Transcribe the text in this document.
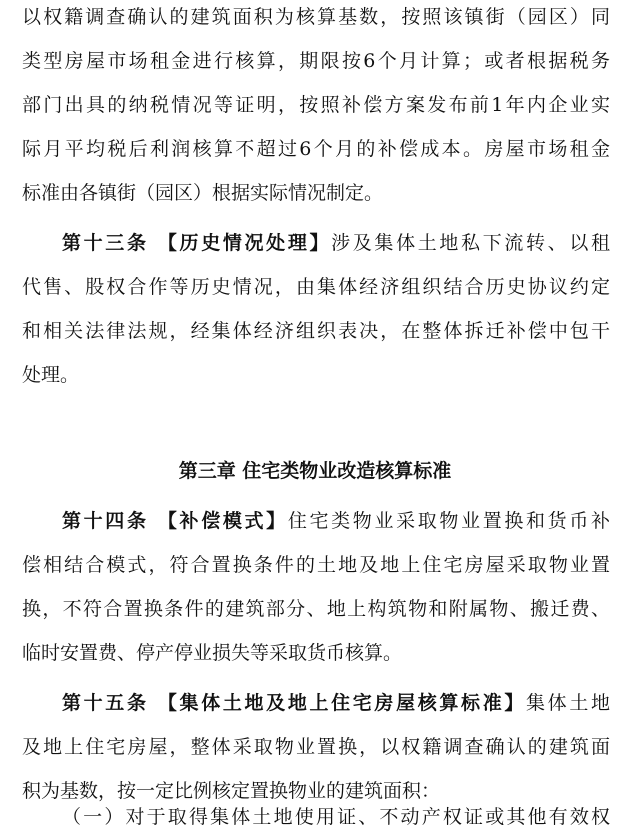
以权籍调查确认的建筑面积为核算基数，按照该镇街（园区）同
类型房屋市场租金进行核算，期限按6个月计算；或者根据税务
部门出具的纳税情况等证明，按照补偿方案发布前1年内企业实
际月平均税后利润核算不超过6个月的补偿成本。房屋市场租金
标准由各镇街（园区）根据实际情况制定。
第十三条 【历史情况处理】涉及集体土地私下流转、以租
代售、股权合作等历史情况，由集体经济组织结合历史协议约定
和相关法律法规，经集体经济组织表决，在整体拆迁补偿中包干
处理。
第三章 住宅类物业改造核算标准
第十四条 【补偿模式】住宅类物业采取物业置换和货币补
偿相结合模式，符合置换条件的土地及地上住宅房屋采取物业置
换，不符合置换条件的建筑部分、地上构筑物和附属物、搬迁费、
临时安置费、停产停业损失等采取货币核算。
第十五条 【集体土地及地上住宅房屋核算标准】集体土地
及地上住宅房屋，整体采取物业置换，以权籍调查确认的建筑面
积为基数，按一定比例核定置换物业的建筑面积：
（一）对于取得集体土地使用证、不动产权证或其他有效权
